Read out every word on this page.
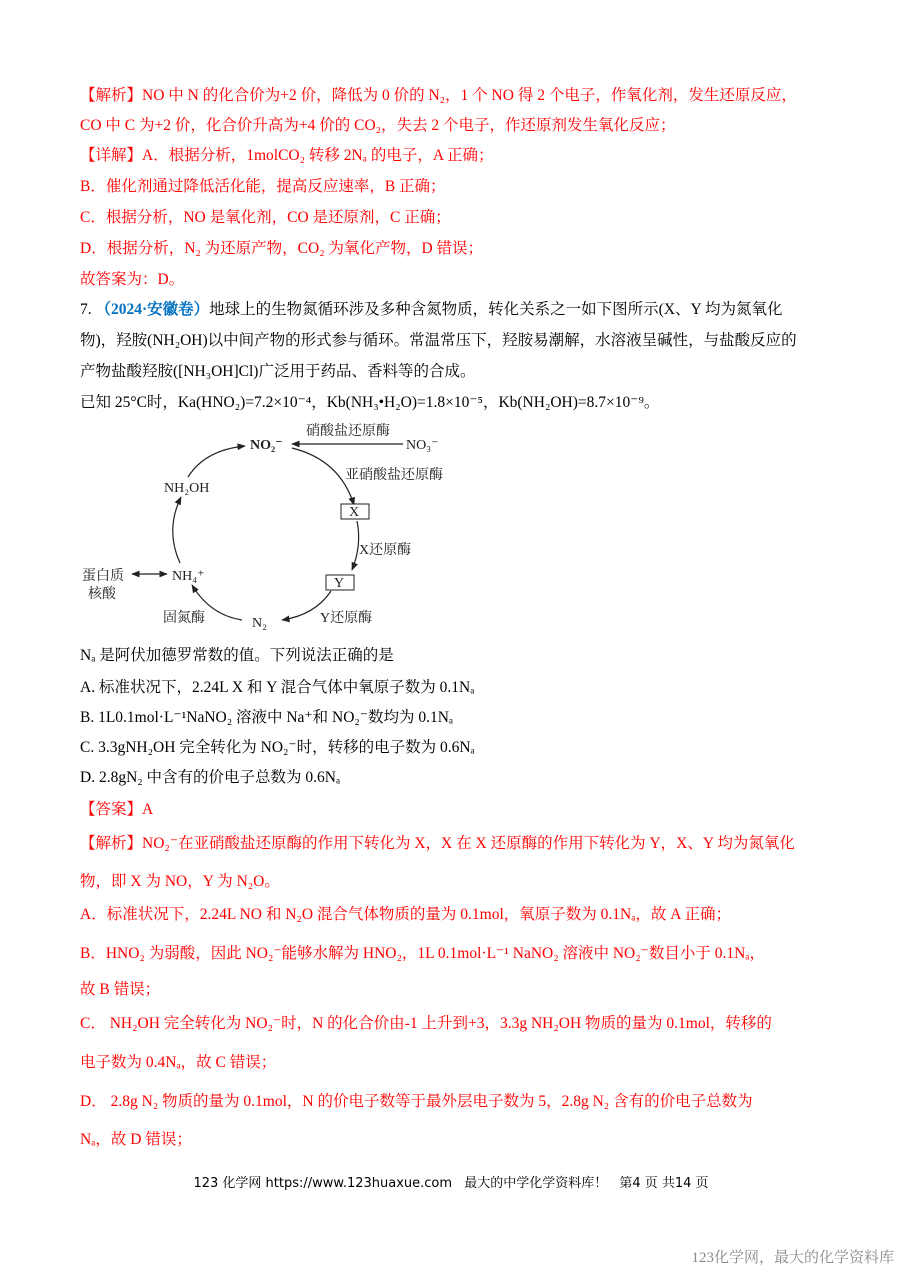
【解析】NO 中 N 的化合价为+2 价，降低为 0 价的 N₂，1 个 NO 得 2 个电子，作氧化剂，发生还原反应，
CO 中 C 为+2 价，化合价升高为+4 价的 CO₂，失去 2 个电子，作还原剂发生氧化反应；
【详解】A．根据分析，1molCO₂ 转移 2Nₐ 的电子，A 正确；
B．催化剂通过降低活化能，提高反应速率，B 正确；
C．根据分析，NO 是氧化剂，CO 是还原剂，C 正确；
D．根据分析，N₂ 为还原产物，CO₂ 为氧化产物，D 错误；
故答案为：D。
7. （2024·安徽卷）地球上的生物氮循环涉及多种含氮物质，转化关系之一如下图所示(X、Y 均为氮氧化
物)，羟胺(NH₂OH)以中间产物的形式参与循环。常温常压下，羟胺易潮解，水溶液呈碱性，与盐酸反应的
产物盐酸羟胺([NH₃OH]Cl)广泛用于药品、香料等的合成。
已知 25°C时，Ka(HNO₂)=7.2×10⁻⁴，Kb(NH₃•H₂O)=1.8×10⁻⁵，Kb(NH₂OH)=8.7×10⁻⁹。
NO₂⁻	NO₃⁻
硝酸盐还原酶
亚硝酸盐还原酶
X
X还原酶
Y
Y还原酶
N₂
固氮酶
NH₄⁺
NH₂OH
蛋白质
核酸
Nₐ 是阿伏加德罗常数的值。下列说法正确的是
A. 标准状况下，2.24L X 和 Y 混合气体中氧原子数为 0.1Nₐ
B. 1L0.1mol·L⁻¹NaNO₂ 溶液中 Na⁺和 NO₂⁻数均为 0.1Nₐ
C. 3.3gNH₂OH 完全转化为 NO₂⁻时，转移的电子数为 0.6Nₐ
D. 2.8gN₂ 中含有的价电子总数为 0.6Nₐ
【答案】A
【解析】NO₂⁻在亚硝酸盐还原酶的作用下转化为 X，X 在 X 还原酶的作用下转化为 Y，X、Y 均为氮氧化
物，即 X 为 NO，Y 为 N₂O。
A．标准状况下，2.24L NO 和 N₂O 混合气体物质的量为 0.1mol，氧原子数为 0.1Nₐ，故 A 正确；
B．HNO₂ 为弱酸，因此 NO₂⁻能够水解为 HNO₂，1L 0.1mol·L⁻¹ NaNO₂ 溶液中 NO₂⁻数目小于 0.1Nₐ，
故 B 错误；
C． NH₂OH 完全转化为 NO₂⁻时，N 的化合价由-1 上升到+3，3.3g NH₂OH 物质的量为 0.1mol，转移的
电子数为 0.4Nₐ，故 C 错误；
D． 2.8g N₂ 物质的量为 0.1mol，N 的价电子数等于最外层电子数为 5，2.8g N₂ 含有的价电子总数为
Nₐ，故 D 错误；
123 化学网 https://www.123huaxue.com 最大的中学化学资料库！ 第4 页 共14 页
123化学网，最大的化学资料库
